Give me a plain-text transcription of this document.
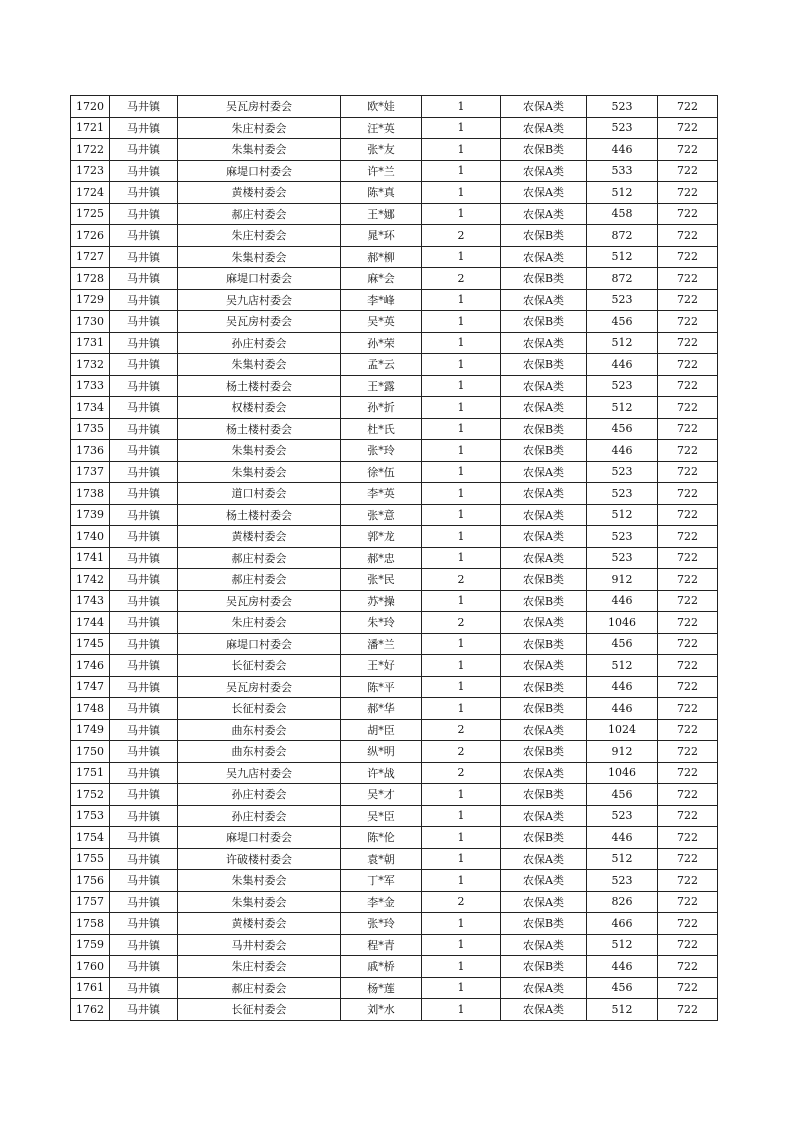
1720	马井镇	吴瓦房村委会	欧*娃	1	农保A类	523	722
1721	马井镇	朱庄村委会	汪*英	1	农保A类	523	722
1722	马井镇	朱集村委会	张*友	1	农保B类	446	722
1723	马井镇	麻堤口村委会	许*兰	1	农保A类	533	722
1724	马井镇	黄楼村委会	陈*真	1	农保A类	512	722
1725	马井镇	郝庄村委会	王*娜	1	农保A类	458	722
1726	马井镇	朱庄村委会	晁*环	2	农保B类	872	722
1727	马井镇	朱集村委会	郝*柳	1	农保A类	512	722
1728	马井镇	麻堤口村委会	麻*会	2	农保B类	872	722
1729	马井镇	吴九店村委会	李*峰	1	农保A类	523	722
1730	马井镇	吴瓦房村委会	吴*英	1	农保B类	456	722
1731	马井镇	孙庄村委会	孙*荣	1	农保A类	512	722
1732	马井镇	朱集村委会	孟*云	1	农保B类	446	722
1733	马井镇	杨土楼村委会	王*露	1	农保A类	523	722
1734	马井镇	权楼村委会	孙*折	1	农保A类	512	722
1735	马井镇	杨土楼村委会	杜*氏	1	农保B类	456	722
1736	马井镇	朱集村委会	张*玲	1	农保B类	446	722
1737	马井镇	朱集村委会	徐*伍	1	农保A类	523	722
1738	马井镇	道口村委会	李*英	1	农保A类	523	722
1739	马井镇	杨土楼村委会	张*意	1	农保A类	512	722
1740	马井镇	黄楼村委会	郭*龙	1	农保A类	523	722
1741	马井镇	郝庄村委会	郝*忠	1	农保A类	523	722
1742	马井镇	郝庄村委会	张*民	2	农保B类	912	722
1743	马井镇	吴瓦房村委会	苏*操	1	农保B类	446	722
1744	马井镇	朱庄村委会	朱*玲	2	农保A类	1046	722
1745	马井镇	麻堤口村委会	潘*兰	1	农保B类	456	722
1746	马井镇	长征村委会	王*好	1	农保A类	512	722
1747	马井镇	吴瓦房村委会	陈*平	1	农保B类	446	722
1748	马井镇	长征村委会	郝*华	1	农保B类	446	722
1749	马井镇	曲东村委会	胡*臣	2	农保A类	1024	722
1750	马井镇	曲东村委会	纵*明	2	农保B类	912	722
1751	马井镇	吴九店村委会	许*战	2	农保A类	1046	722
1752	马井镇	孙庄村委会	吴*才	1	农保B类	456	722
1753	马井镇	孙庄村委会	吴*臣	1	农保A类	523	722
1754	马井镇	麻堤口村委会	陈*伦	1	农保B类	446	722
1755	马井镇	许破楼村委会	袁*朝	1	农保A类	512	722
1756	马井镇	朱集村委会	丁*军	1	农保A类	523	722
1757	马井镇	朱集村委会	李*金	2	农保A类	826	722
1758	马井镇	黄楼村委会	张*玲	1	农保B类	466	722
1759	马井镇	马井村委会	程*青	1	农保A类	512	722
1760	马井镇	朱庄村委会	戚*桥	1	农保B类	446	722
1761	马井镇	郝庄村委会	杨*莲	1	农保A类	456	722
1762	马井镇	长征村委会	刘*水	1	农保A类	512	722
